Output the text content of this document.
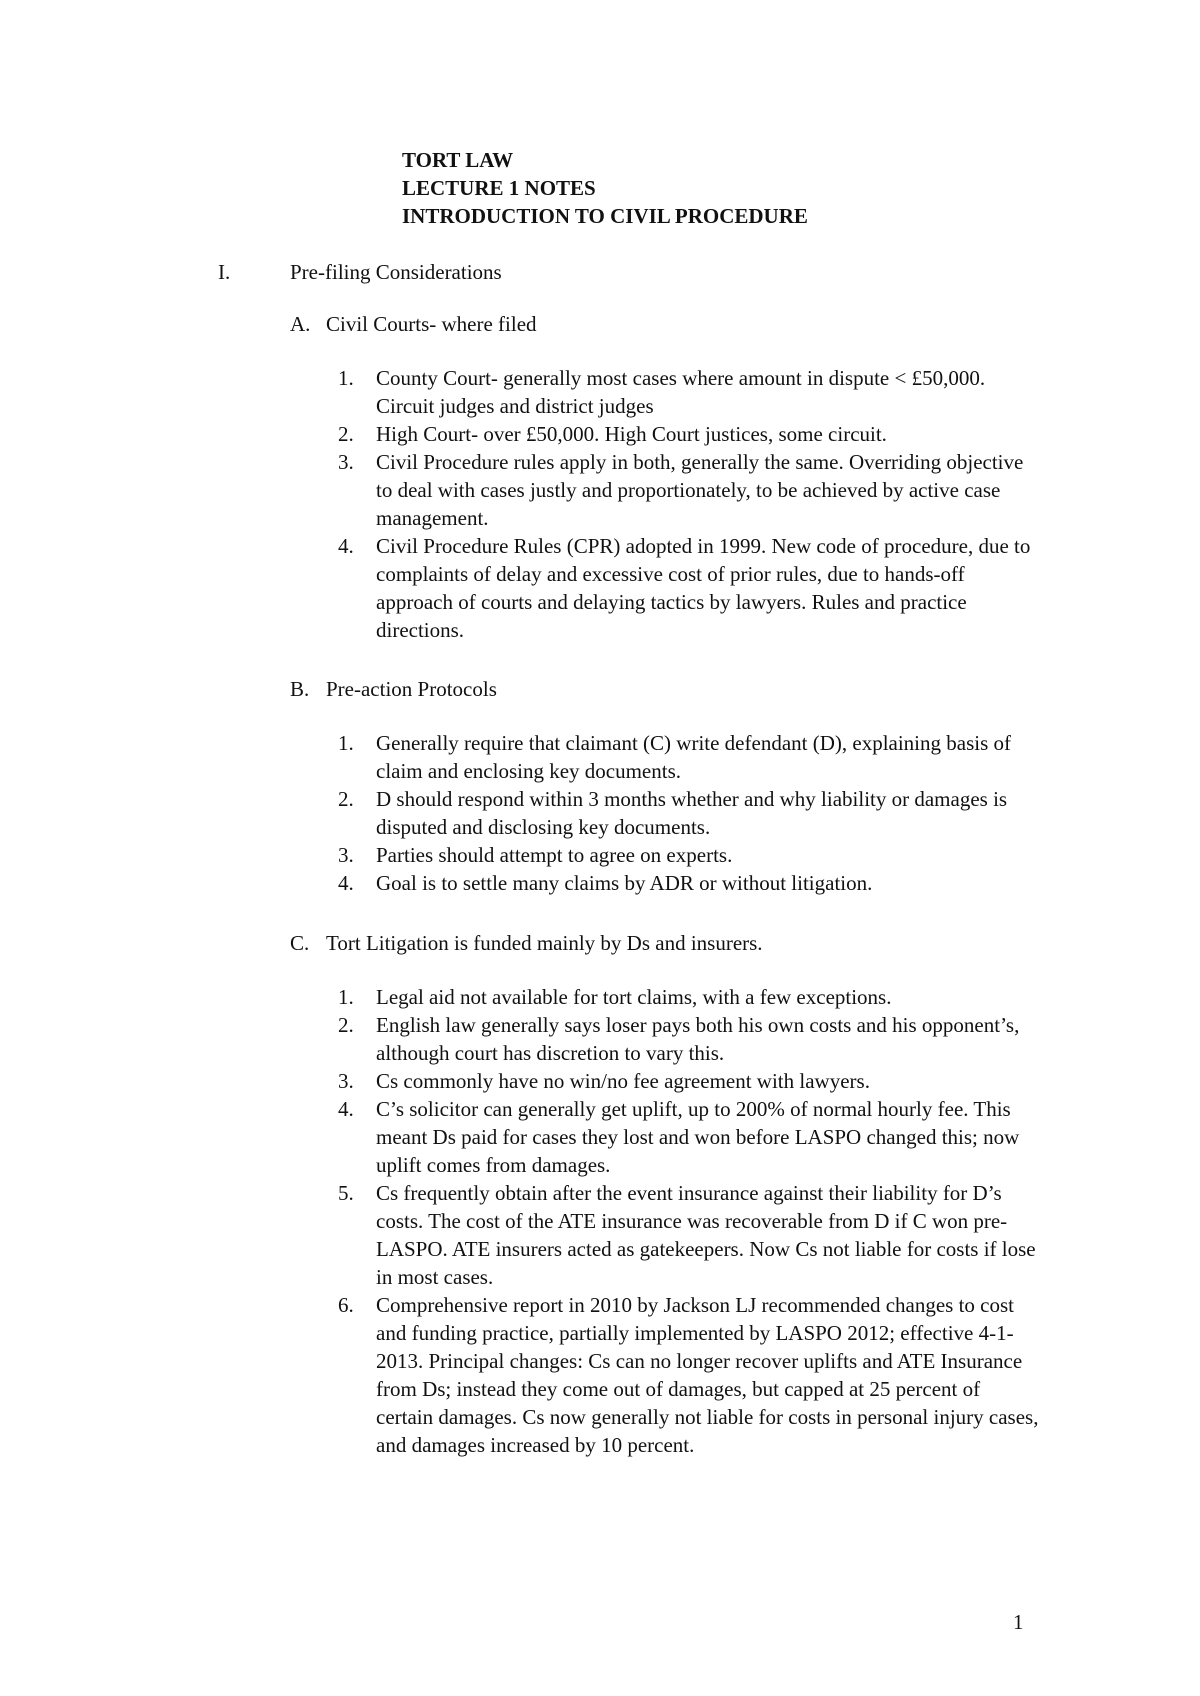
TORT LAW
LECTURE 1 NOTES
INTRODUCTION TO CIVIL PROCEDURE
I.	Pre-filing Considerations
A. Civil Courts- where filed
1. County Court- generally most cases where amount in dispute < £50,000. Circuit judges and district judges
2. High Court- over £50,000. High Court justices, some circuit.
3. Civil Procedure rules apply in both, generally the same. Overriding objective to deal with cases justly and proportionately, to be achieved by active case management.
4. Civil Procedure Rules (CPR) adopted in 1999. New code of procedure, due to complaints of delay and excessive cost of prior rules, due to hands-off approach of courts and delaying tactics by lawyers. Rules and practice directions.
B. Pre-action Protocols
1. Generally require that claimant (C) write defendant (D), explaining basis of claim and enclosing key documents.
2. D should respond within 3 months whether and why liability or damages is disputed and disclosing key documents.
3. Parties should attempt to agree on experts.
4. Goal is to settle many claims by ADR or without litigation.
C. Tort Litigation is funded mainly by Ds and insurers.
1. Legal aid not available for tort claims, with a few exceptions.
2. English law generally says loser pays both his own costs and his opponent’s, although court has discretion to vary this.
3. Cs commonly have no win/no fee agreement with lawyers.
4. C’s solicitor can generally get uplift, up to 200% of normal hourly fee. This meant Ds paid for cases they lost and won before LASPO changed this; now uplift comes from damages.
5. Cs frequently obtain after the event insurance against their liability for D’s costs. The cost of the ATE insurance was recoverable from D if C won pre-LASPO. ATE insurers acted as gatekeepers. Now Cs not liable for costs if lose in most cases.
6. Comprehensive report in 2010 by Jackson LJ recommended changes to cost and funding practice, partially implemented by LASPO 2012; effective 4-1-2013. Principal changes: Cs can no longer recover uplifts and ATE Insurance from Ds; instead they come out of damages, but capped at 25 percent of certain damages. Cs now generally not liable for costs in personal injury cases, and damages increased by 10 percent.
1
